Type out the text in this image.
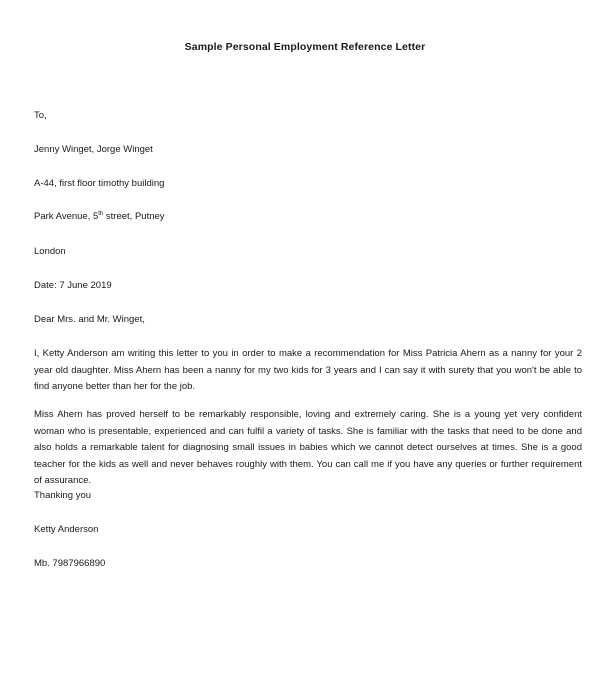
Sample Personal Employment Reference Letter
To,
Jenny Winget, Jorge Winget
A-44, first floor timothy building
Park Avenue, 5th street, Putney
London
Date: 7 June 2019
Dear Mrs. and Mr. Winget,
I, Ketty Anderson am writing this letter to you in order to make a recommendation for Miss Patricia Ahern as a nanny for your 2 year old daughter. Miss Ahern has been a nanny for my two kids for 3 years and I can say it with surety that you won't be able to find anyone better than her for the job.
Miss Ahern has proved herself to be remarkably responsible, loving and extremely caring. She is a young yet very confident woman who is presentable, experienced and can fulfil a variety of tasks. She is familiar with the tasks that need to be done and also holds a remarkable talent for diagnosing small issues in babies which we cannot detect ourselves at times. She is a good teacher for the kids as well and never behaves roughly with them. You can call me if you have any queries or further requirement of assurance.
Thanking you
Ketty Anderson
Mb. 7987966890
